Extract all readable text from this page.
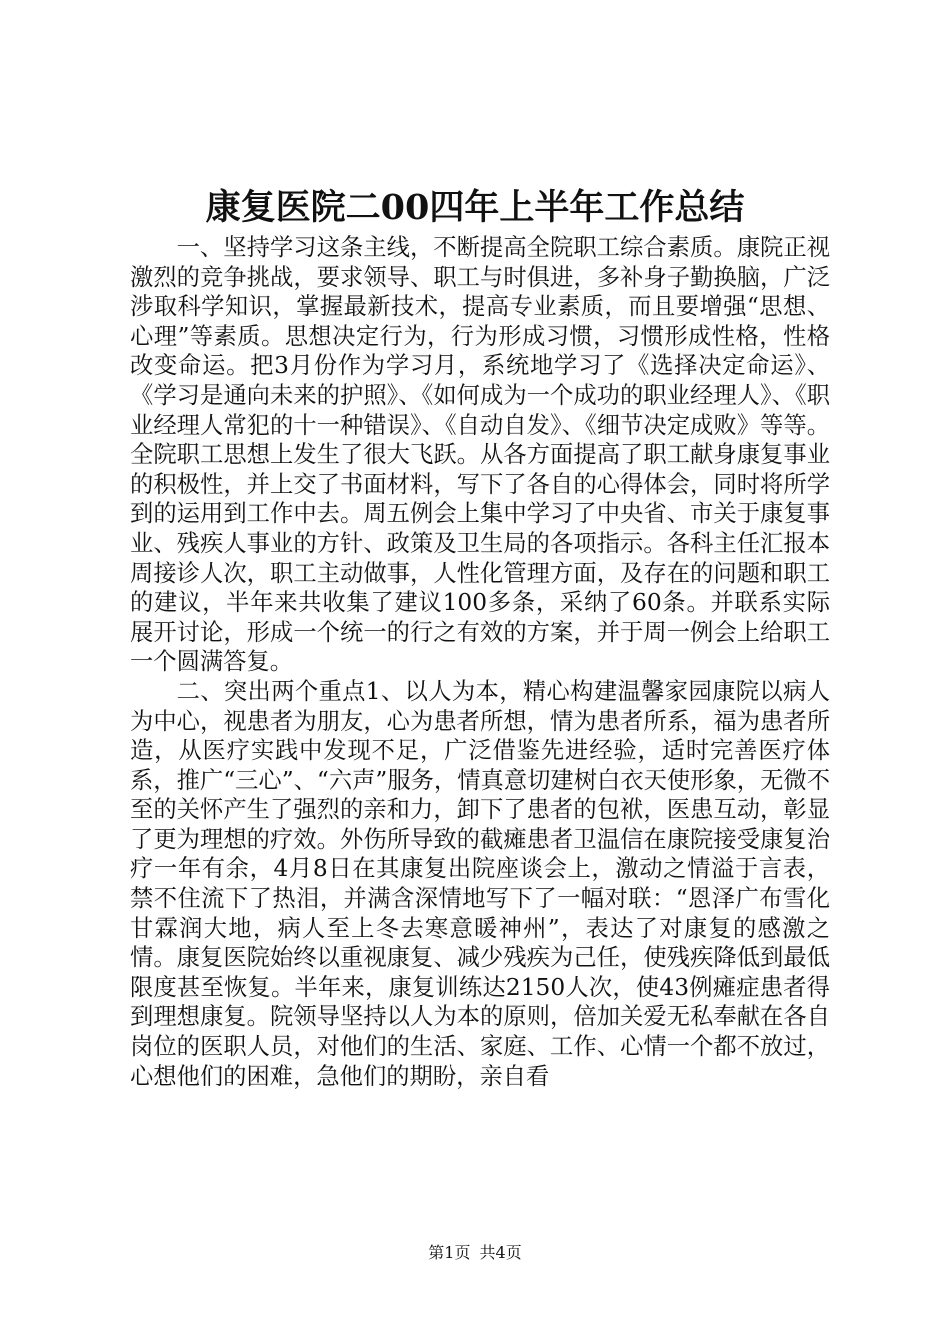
康复医院二00四年上半年工作总结

一、坚持学习这条主线，不断提高全院职工综合素质。康院正视激烈的竞争挑战，要求领导、职工与时俱进，多补身子勤换脑，广泛涉取科学知识，掌握最新技术，提高专业素质，而且要增强“思想、心理”等素质。思想决定行为，行为形成习惯，习惯形成性格，性格改变命运。把3月份作为学习月，系统地学习了《选择决定命运》、《学习是通向未来的护照》、《如何成为一个成功的职业经理人》、《职业经理人常犯的十一种错误》、《自动自发》、《细节决定成败》等等。全院职工思想上发生了很大飞跃。从各方面提高了职工献身康复事业的积极性，并上交了书面材料，写下了各自的心得体会，同时将所学到的运用到工作中去。周五例会上集中学习了中央省、市关于康复事业、残疾人事业的方针、政策及卫生局的各项指示。各科主任汇报本周接诊人次，职工主动做事，人性化管理方面，及存在的问题和职工的建议，半年来共收集了建议100多条，采纳了60条。并联系实际展开讨论，形成一个统一的行之有效的方案，并于周一例会上给职工一个圆满答复。

二、突出两个重点1、以人为本，精心构建温馨家园康院以病人为中心，视患者为朋友，心为患者所想，情为患者所系，福为患者所造，从医疗实践中发现不足，广泛借鉴先进经验，适时完善医疗体系，推广“三心”、“六声”服务，情真意切建树白衣天使形象，无微不至的关怀产生了强烈的亲和力，卸下了患者的包袱，医患互动，彰显了更为理想的疗效。外伤所导致的截瘫患者卫温信在康院接受康复治疗一年有余，4月8日在其康复出院座谈会上，激动之情溢于言表，禁不住流下了热泪，并满含深情地写下了一幅对联：“恩泽广布雪化甘霖润大地，病人至上冬去寒意暖神州”，表达了对康复的感激之情。康复医院始终以重视康复、减少残疾为己任，使残疾降低到最低限度甚至恢复。半年来，康复训练达2150人次，使43例瘫症患者得到理想康复。院领导坚持以人为本的原则，倍加关爱无私奉献在各自岗位的医职人员，对他们的生活、家庭、工作、心情一个都不放过，心想他们的困难，急他们的期盼，亲自看

第1页 共4页
